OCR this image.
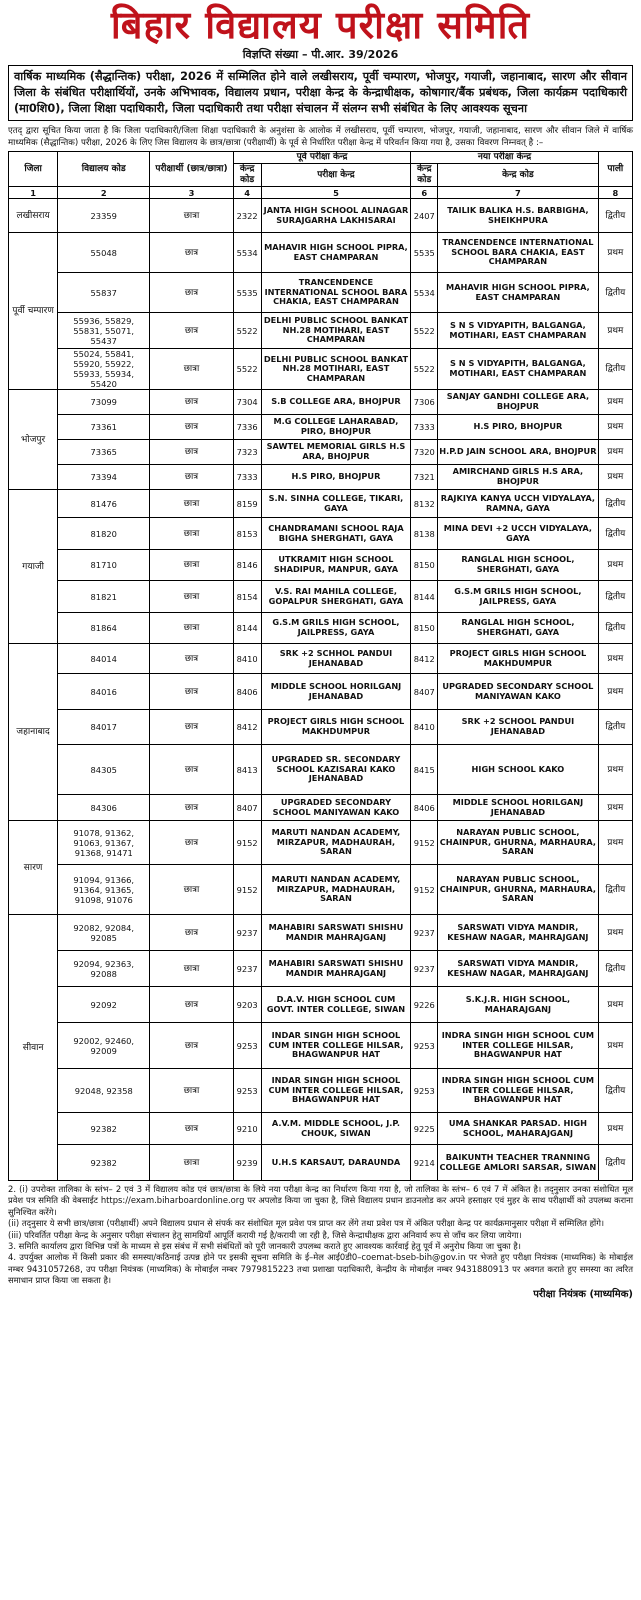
बिहार विद्यालय परीक्षा समिति
विज्ञप्ति संख्या – पी.आर. 39/2026
वार्षिक माध्यमिक (सैद्धान्तिक) परीक्षा, 2026 में सम्मिलित होने वाले लखीसराय, पूर्वी चम्पारण, भोजपुर, गयाजी, जहानाबाद, सारण और सीवान जिला के संबंधित परीक्षार्थियों, उनके अभिभावक, विद्यालय प्रधान, परीक्षा केन्द्र के केन्द्राधीक्षक, कोषागार/बैंक प्रबंधक, जिला कार्यक्रम पदाधिकारी (मा0शि0), जिला शिक्षा पदाधिकारी, जिला पदाधिकारी तथा परीक्षा संचालन में संलग्न सभी संबंधित के लिए आवश्यक सूचना
एतद् द्वारा सूचित किया जाता है कि जिला पदाधिकारी/जिला शिक्षा पदाधिकारी के अनुशंसा के आलोक में लखीसराय, पूर्वी चम्पारण, भोजपुर, गयाजी, जहानाबाद, सारण और सीवान जिले में वार्षिक माध्यमिक (सैद्धान्तिक) परीक्षा, 2026 के लिए जिस विद्यालय के छात्र/छात्रा (परीक्षार्थी) के पूर्व से निर्धारित परीक्षा केन्द्र में परिवर्तन किया गया है, उसका विवरण निम्नवत् है :–
जिला	विद्यालय कोड	परीक्षार्थी (छात्र/छात्रा)	पूर्व परीक्षा केन्द्र		नया परीक्षा केन्द्र		पाली
			केन्द्र कोड	परीक्षा केन्द्र	केन्द्र कोड	केन्द्र कोड	
1	2	3	4	5	6	7	8
लखीसराय	23359	छात्रा	2322	JANTA HIGH SCHOOL ALINAGAR SURAJGARHA LAKHISARAI	2407	TAILIK BALIKA H.S. BARBIGHA, SHEIKHPURA	द्वितीय
पूर्वी चम्पारण	55048	छात्र	5534	MAHAVIR HIGH SCHOOL PIPRA, EAST CHAMPARAN	5535	TRANCENDENCE INTERNATIONAL SCHOOL BARA CHAKIA, EAST CHAMPARAN	प्रथम
	55837	छात्र	5535	TRANCENDENCE INTERNATIONAL SCHOOL BARA CHAKIA, EAST CHAMPARAN	5534	MAHAVIR HIGH SCHOOL PIPRA, EAST CHAMPARAN	द्वितीय
	55936, 55829, 55831, 55071, 55437	छात्र	5522	DELHI PUBLIC SCHOOL BANKAT NH.28 MOTIHARI, EAST CHAMPARAN	5522	S N S VIDYAPITH, BALGANGA, MOTIHARI, EAST CHAMPARAN	प्रथम
	55024, 55841, 55920, 55922, 55933, 55934, 55420	छात्रा	5522	DELHI PUBLIC SCHOOL BANKAT NH.28 MOTIHARI, EAST CHAMPARAN	5522	S N S VIDYAPITH, BALGANGA, MOTIHARI, EAST CHAMPARAN	द्वितीय
भोजपुर	73099	छात्र	7304	S.B COLLEGE ARA, BHOJPUR	7306	SANJAY GANDHI COLLEGE ARA, BHOJPUR	प्रथम
	73361	छात्र	7336	M.G COLLEGE LAHARABAD, PIRO, BHOJPUR	7333	H.S PIRO, BHOJPUR	प्रथम
	73365	छात्र	7323	SAWTEL MEMORIAL GIRLS H.S ARA, BHOJPUR	7320	H.P.D JAIN SCHOOL ARA, BHOJPUR	प्रथम
	73394	छात्र	7333	H.S PIRO, BHOJPUR	7321	AMIRCHAND GIRLS H.S ARA, BHOJPUR	प्रथम
गयाजी	81476	छात्रा	8159	S.N. SINHA COLLEGE, TIKARI, GAYA	8132	RAJKIYA KANYA UCCH VIDYALAYA, RAMNA, GAYA	द्वितीय
	81820	छात्रा	8153	CHANDRAMANI SCHOOL RAJA BIGHA SHERGHATI, GAYA	8138	MINA DEVI +2 UCCH VIDYALAYA, GAYA	द्वितीय
	81710	छात्रा	8146	UTKRAMIT HIGH SCHOOL SHADIPUR, MANPUR, GAYA	8150	RANGLAL HIGH SCHOOL, SHERGHATI, GAYA	प्रथम
	81821	छात्रा	8154	V.S. RAI MAHILA COLLEGE, GOPALPUR SHERGHATI, GAYA	8144	G.S.M GRILS HIGH SCHOOL, JAILPRESS, GAYA	द्वितीय
	81864	छात्रा	8144	G.S.M GRILS HIGH SCHOOL, JAILPRESS, GAYA	8150	RANGLAL HIGH SCHOOL, SHERGHATI, GAYA	द्वितीय
जहानाबाद	84014	छात्र	8410	SRK +2 SCHHOL PANDUI JEHANABAD	8412	PROJECT GIRLS HIGH SCHOOL MAKHDUMPUR	प्रथम
	84016	छात्र	8406	MIDDLE SCHOOL HORILGANJ JEHANABAD	8407	UPGRADED SECONDARY SCHOOL MANIYAWAN KAKO	प्रथम
	84017	छात्र	8412	PROJECT GIRLS HIGH SCHOOL MAKHDUMPUR	8410	SRK +2 SCHOOL PANDUI JEHANABAD	द्वितीय
	84305	छात्र	8413	UPGRADED SR. SECONDARY SCHOOL KAZISARAI KAKO JEHANABAD	8415	HIGH SCHOOL KAKO	प्रथम
	84306	छात्र	8407	UPGRADED SECONDARY SCHOOL MANIYAWAN KAKO	8406	MIDDLE SCHOOL HORILGANJ JEHANABAD	प्रथम
सारण	91078, 91362, 91063, 91367, 91368, 91471	छात्र	9152	MARUTI NANDAN ACADEMY, MIRZAPUR, MADHAURAH, SARAN	9152	NARAYAN PUBLIC SCHOOL, CHAINPUR, GHURNA, MARHAURA, SARAN	प्रथम
	91094, 91366, 91364, 91365, 91098, 91076	छात्रा	9152	MARUTI NANDAN ACADEMY, MIRZAPUR, MADHAURAH, SARAN	9152	NARAYAN PUBLIC SCHOOL, CHAINPUR, GHURNA, MARHAURA, SARAN	द्वितीय
सीवान	92082, 92084, 92085	छात्र	9237	MAHABIRI SARSWATI SHISHU MANDIR MAHRAJGANJ	9237	SARSWATI VIDYA MANDIR, KESHAW NAGAR, MAHRAJGANJ	प्रथम
	92094, 92363, 92088	छात्रा	9237	MAHABIRI SARSWATI SHISHU MANDIR MAHRAJGANJ	9237	SARSWATI VIDYA MANDIR, KESHAW NAGAR, MAHRAJGANJ	द्वितीय
	92092	छात्र	9203	D.A.V. HIGH SCHOOL CUM GOVT. INTER COLLEGE, SIWAN	9226	S.K.J.R. HIGH SCHOOL, MAHARAJGANJ	प्रथम
	92002, 92460, 92009	छात्र	9253	INDAR SINGH HIGH SCHOOL CUM INTER COLLEGE HILSAR, BHAGWANPUR HAT	9253	INDRA SINGH HIGH SCHOOL CUM INTER COLLEGE HILSAR, BHAGWANPUR HAT	प्रथम
	92048, 92358	छात्रा	9253	INDAR SINGH HIGH SCHOOL CUM INTER COLLEGE HILSAR, BHAGWANPUR HAT	9253	INDRA SINGH HIGH SCHOOL CUM INTER COLLEGE HILSAR, BHAGWANPUR HAT	द्वितीय
	92382	छात्र	9210	A.V.M. MIDDLE SCHOOL, J.P. CHOUK, SIWAN	9225	UMA SHANKAR PARSAD. HIGH SCHOOL, MAHARAJGANJ	प्रथम
	92382	छात्रा	9239	U.H.S KARSAUT, DARAUNDA	9214	BAIKUNTH TEACHER TRANNING COLLEGE AMLORI SARSAR, SIWAN	द्वितीय

2. (i) उपरोक्त तालिका के स्तंभ– 2 एवं 3 में विद्यालय कोड एवं छात्र/छात्रा के लिये नया परीक्षा केन्द्र का निर्धारण किया गया है, जो तालिका के स्तंभ– 6 एवं 7 में अंकित है। तद्नुसार उनका संशोधित मूल प्रवेश पत्र समिति की वेबसाईट https://exam.biharboardonline.org पर अपलोड किया जा चुका है, जिसे विद्यालय प्रधान डाउनलोड कर अपने हस्ताक्षर एवं मुहर के साथ परीक्षार्थी को उपलब्ध कराना सुनिश्चित करेंगे।

(ii) तद्नुसार ये सभी छात्र/छात्रा (परीक्षार्थी) अपने विद्यालय प्रधान से संपर्क कर संशोधित मूल प्रवेश पत्र प्राप्त कर लेंगे तथा प्रवेश पत्र में अंकित परीक्षा केन्द्र पर कार्यक्रमानुसार परीक्षा में सम्मिलित होंगे।

(iii) परिवर्तित परीक्षा केन्द्र के अनुसार परीक्षा संचालन हेतु सामग्रियाँ आपूर्ति करायी गई है/करायी जा रही है, जिसे केन्द्राधीक्षक द्वारा अनिवार्य रूप से जाँच कर लिया जायेगा।

3. समिति कार्यालय द्वारा विभिन्न पत्रों के माध्यम से इस संबंध में सभी संबंधितों को पूरी जानकारी उपलब्ध कराते हुए आवश्यक कार्रवाई हेतु पूर्व में अनुरोध किया जा चुका है।

4. उपर्युक्त आलोक में किसी प्रकार की समस्या/कठिनाई उत्पन्न होने पर इसकी सूचना समिति के ई–मेल आई0डी0–coemat-bseb-bih@gov.in पर भेजते हुए परीक्षा नियंत्रक (माध्यमिक) के मोबाईल नम्बर 9431057268, उप परीक्षा नियंत्रक (माध्यमिक) के मोबाईल नम्बर 7979815223 तथा प्रशाखा पदाधिकारी, केन्द्रीय के मोबाईल नम्बर 9431880913 पर अवगत कराते हुए समस्या का त्वरित समाधान प्राप्त किया जा सकता है।

परीक्षा नियंत्रक (माध्यमिक)
